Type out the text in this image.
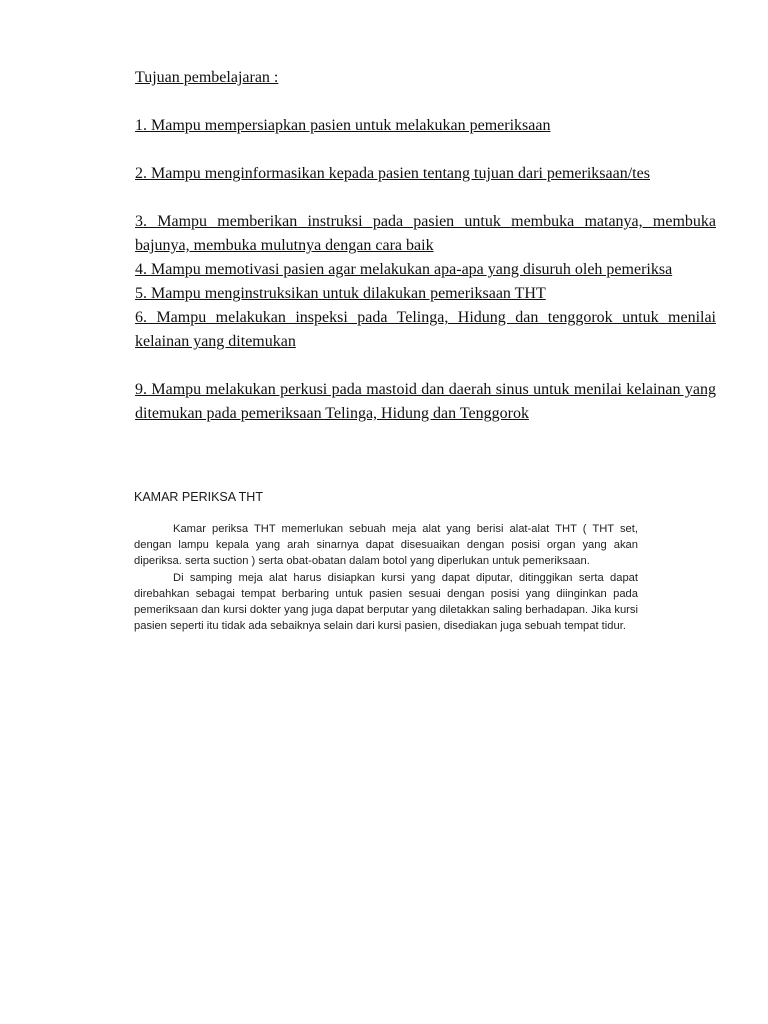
Tujuan pembelajaran :

1. Mampu mempersiapkan pasien untuk melakukan pemeriksaan
2. Mampu menginformasikan kepada pasien tentang tujuan dari pemeriksaan/tes
3. Mampu memberikan instruksi pada pasien untuk membuka matanya, membuka bajunya, membuka mulutnya dengan cara baik
4. Mampu memotivasi pasien agar melakukan apa-apa yang disuruh oleh pemeriksa
5. Mampu menginstruksikan untuk dilakukan pemeriksaan THT
6. Mampu melakukan inspeksi pada Telinga, Hidung dan tenggorok untuk menilai kelainan yang ditemukan
9. Mampu melakukan perkusi pada mastoid dan daerah sinus untuk menilai kelainan yang ditemukan pada pemeriksaan Telinga, Hidung dan Tenggorok

KAMAR PERIKSA THT

Kamar periksa THT memerlukan sebuah meja alat yang berisi alat-alat THT ( THT set, dengan lampu kepala yang arah sinarnya dapat disesuaikan dengan posisi organ yang akan diperiksa. serta suction ) serta obat-obatan dalam botol yang diperlukan untuk pemeriksaan.

Di samping meja alat harus disiapkan kursi yang dapat diputar, ditinggikan serta dapat direbahkan sebagai tempat berbaring untuk pasien sesuai dengan posisi yang diinginkan pada pemeriksaan dan kursi dokter yang juga dapat berputar yang diletakkan saling berhadapan. Jika kursi pasien seperti itu tidak ada sebaiknya selain dari kursi pasien, disediakan juga sebuah tempat tidur.
